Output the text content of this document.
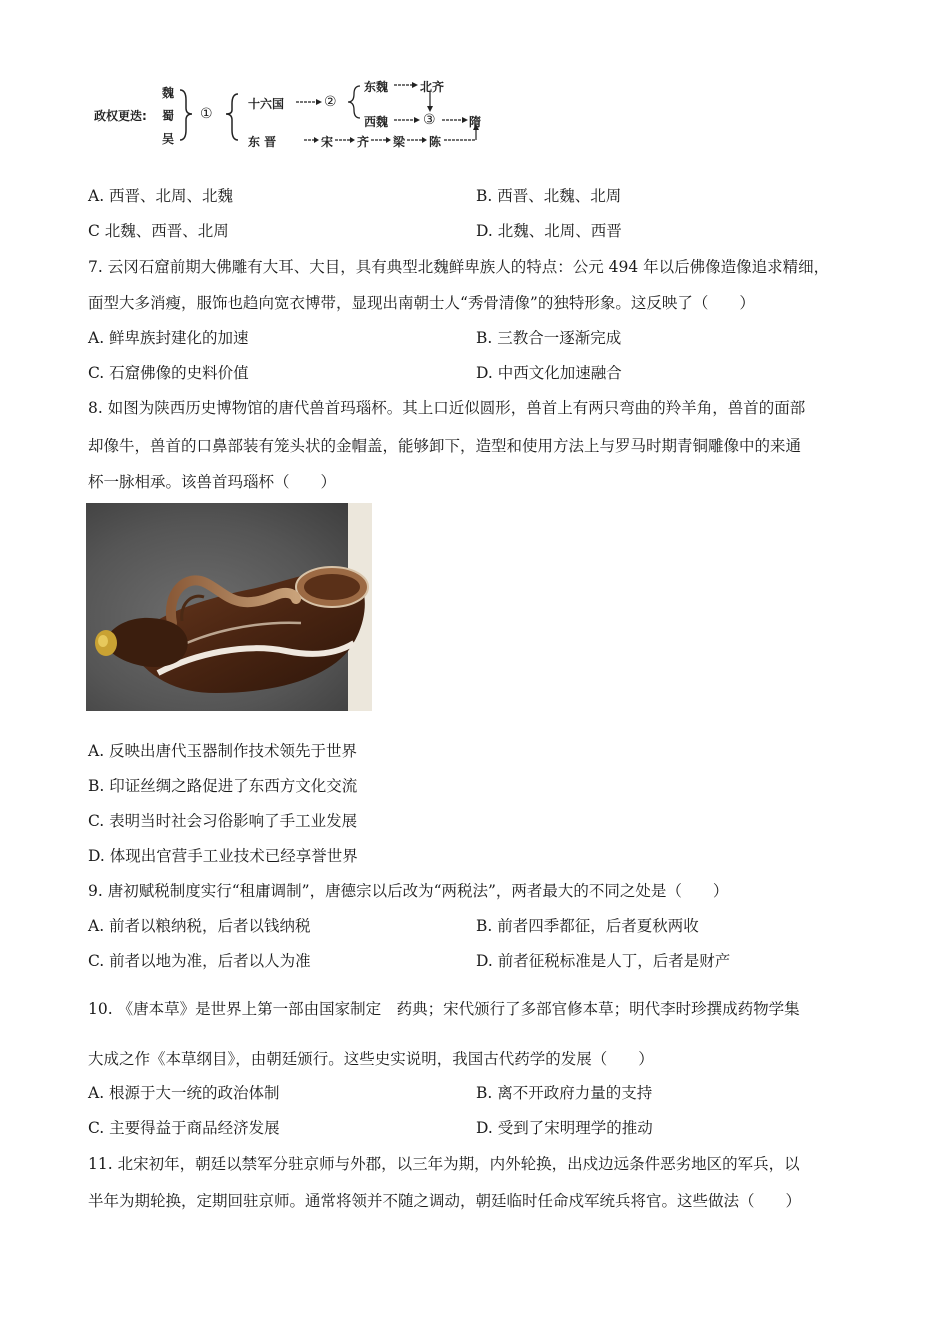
政权更迭:
魏
蜀
吴
①
十六国	②
东魏	北齐
西魏 ③	隋
东 晋	宋 齐 梁 陈
A. 西晋、北周、北魏	B. 西晋、北魏、北周
C 北魏、西晋、北周	D. 北魏、北周、西晋
7. 云冈石窟前期大佛雕有大耳、大目，具有典型北魏鲜卑族人的特点：公元 494 年以后佛像造像追求精细，
面型大多消瘦，服饰也趋向宽衣博带，显现出南朝士人“秀骨清像”的独特形象。这反映了（　　）
A. 鲜卑族封建化的加速	B. 三教合一逐渐完成
C. 石窟佛像的史料价值	D. 中西文化加速融合
8. 如图为陕西历史博物馆的唐代兽首玛瑙杯。其上口近似圆形，兽首上有两只弯曲的羚羊角，兽首的面部
却像牛，兽首的口鼻部装有笼头状的金帽盖，能够卸下，造型和使用方法上与罗马时期青铜雕像中的来通
杯一脉相承。该兽首玛瑙杯（　　）
A. 反映出唐代玉器制作技术领先于世界
B. 印证丝绸之路促进了东西方文化交流
C. 表明当时社会习俗影响了手工业发展
D. 体现出官营手工业技术已经享誉世界
9. 唐初赋税制度实行“租庸调制”，唐德宗以后改为“两税法”，两者最大的不同之处是（　　）
A. 前者以粮纳税，后者以钱纳税	B. 前者四季都征，后者夏秋两收
C. 前者以地为准，后者以人为准	D. 前者征税标准是人丁，后者是财产
10. 《唐本草》是世界上第一部由国家制定　药典；宋代颁行了多部官修本草；明代李时珍撰成药物学集
大成之作《本草纲目》，由朝廷颁行。这些史实说明，我国古代药学的发展（　　）
A. 根源于大一统的政治体制	B. 离不开政府力量的支持
C. 主要得益于商品经济发展	D. 受到了宋明理学的推动
11. 北宋初年，朝廷以禁军分驻京师与外郡，以三年为期，内外轮换，出戍边远条件恶劣地区的军兵，以
半年为期轮换，定期回驻京师。通常将领并不随之调动，朝廷临时任命戍军统兵将官。这些做法（　　）
